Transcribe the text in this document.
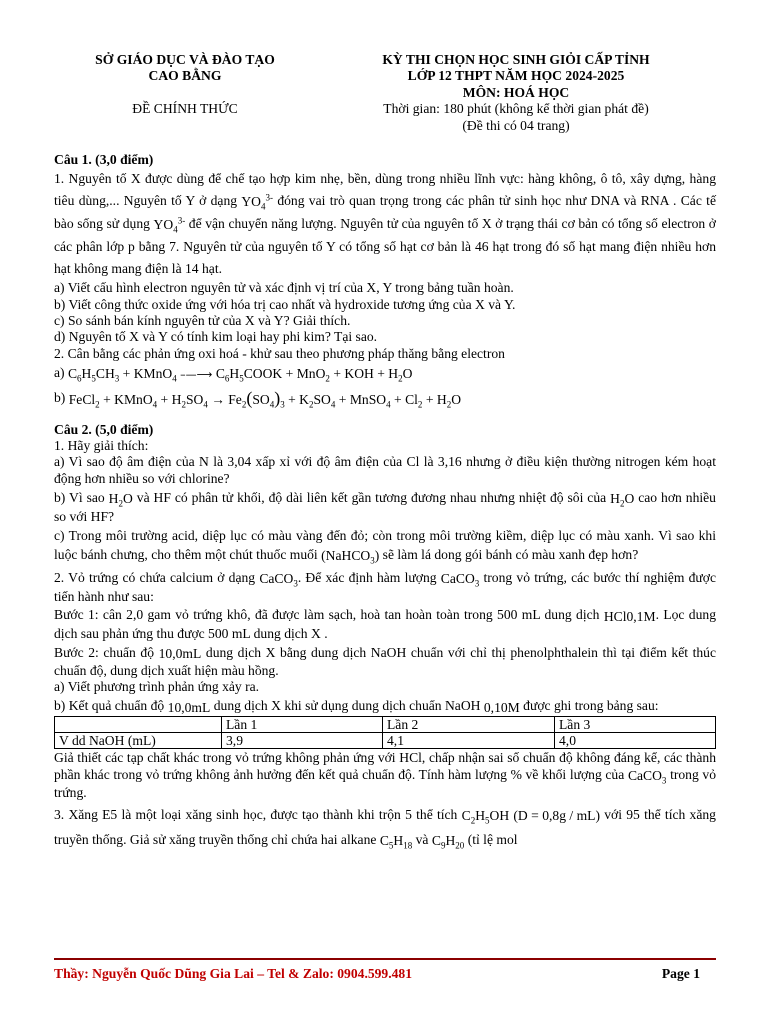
SỞ GIÁO DỤC VÀ ĐÀO TẠO
CAO BẰNG
ĐỀ CHÍNH THỨC
KỲ THI CHỌN HỌC SINH GIỎI CẤP TỈNH
LỚP 12 THPT NĂM HỌC 2024-2025
MÔN: HOÁ HỌC
Thời gian: 180 phút (không kể thời gian phát đề)
(Đề thi có 04 trang)

Câu 1. (3,0 điểm)

1. Nguyên tố X được dùng để chế tạo hợp kim nhẹ, bền, dùng trong nhiều lĩnh vực: hàng không, ô tô, xây dựng, hàng tiêu dùng,... Nguyên tố Y ở dạng $YO_4^{3-}$ đóng vai trò quan trọng trong các phân tử sinh học như DNA và RNA . Các tế bào sống sử dụng $YO_4^{3-}$ để vận chuyển năng lượng. Nguyên tử của nguyên tố X ở trạng thái cơ bản có tổng số electron ở các phân lớp p bằng 7. Nguyên tử của nguyên tố Y có tổng số hạt cơ bản là 46 hạt trong đó số hạt mang điện nhiều hơn hạt không mang điện là 14 hạt.

a) Viết cấu hình electron nguyên tử và xác định vị trí của X, Y trong bảng tuần hoàn.

b) Viết công thức oxide ứng với hóa trị cao nhất và hydroxide tương ứng của X và Y.

c) So sánh bán kính nguyên tử của X và Y? Giải thích.

d) Nguyên tố X và Y có tính kim loại hay phi kim? Tại sao.

2. Cân bằng các phản ứng oxi hoá - khử sau theo phương pháp thăng bằng electron

a) $C_6H_5CH_3$ + KMnO$_4$ –—⟶ $C_6H_5COOK + MnO_2$ + KOH + $H_2O$

b) FeCl$_2$ + KMnO$_4$ + $H_2SO_4 \to Fe_2(SO_4)_3 + K_2SO_4$ + MnSO$_4$ + $Cl_2 + H_2O$

Câu 2. (5,0 điểm)

1. Hãy giải thích:

a) Vì sao độ âm điện của N là 3,04 xấp xỉ với độ âm điện của Cl là 3,16 nhưng ở điều kiện thường nitrogen kém hoạt động hơn nhiều so với chlorine?

b) Vì sao $H_2O$ và HF có phân tử khối, độ dài liên kết gần tương đương nhau nhưng nhiệt độ sôi của $H_2O$ cao hơn nhiều so với HF?

c) Trong môi trường acid, diệp lục có màu vàng đến đỏ; còn trong môi trường kiềm, diệp lục có màu xanh. Vì sao khi luộc bánh chưng, cho thêm một chút thuốc muối (NaHCO$_3$) sẽ làm lá dong gói bánh có màu xanh đẹp hơn?

2. Vỏ trứng có chứa calcium ở dạng CaCO$_3$. Để xác định hàm lượng CaCO$_3$ trong vỏ trứng, các bước thí nghiệm được tiến hành như sau:

Bước 1: cân 2,0 gam vỏ trứng khô, đã được làm sạch, hoà tan hoàn toàn trong 500 mL dung dịch HCl0,1M. Lọc dung dịch sau phản ứng thu được 500 mL dung dịch X .

Bước 2: chuẩn độ 10,0mL dung dịch X bằng dung dịch NaOH chuẩn với chỉ thị phenolphthalein thì tại điểm kết thúc chuẩn độ, dung dịch xuất hiện màu hồng.

a) Viết phương trình phản ứng xảy ra.

b) Kết quả chuẩn độ 10,0mL dung dịch X khi sử dụng dung dịch chuẩn NaOH 0,10M được ghi trong bảng sau:

	Lần 1	Lần 2	Lần 3
V dd NaOH (mL)	3,9	4,1	4,0

Giả thiết các tạp chất khác trong vỏ trứng không phản ứng với HCl, chấp nhận sai số chuẩn độ không đáng kể, các thành phần khác trong vỏ trứng không ảnh hưởng đến kết quả chuẩn độ. Tính hàm lượng % về khối lượng của CaCO$_3$ trong vỏ trứng.

3. Xăng E5 là một loại xăng sinh học, được tạo thành khi trộn 5 thể tích $C_2H_5OH$ (D = 0,8g / mL) với 95 thể tích xăng truyền thống. Giả sử xăng truyền thống chỉ chứa hai alkane $C_5H_{18}$ và $C_9H_{20}$ (tỉ lệ mol

Thầy: Nguyễn Quốc Dũng Gia Lai – Tel & Zalo: 0904.599.481	Page 1
